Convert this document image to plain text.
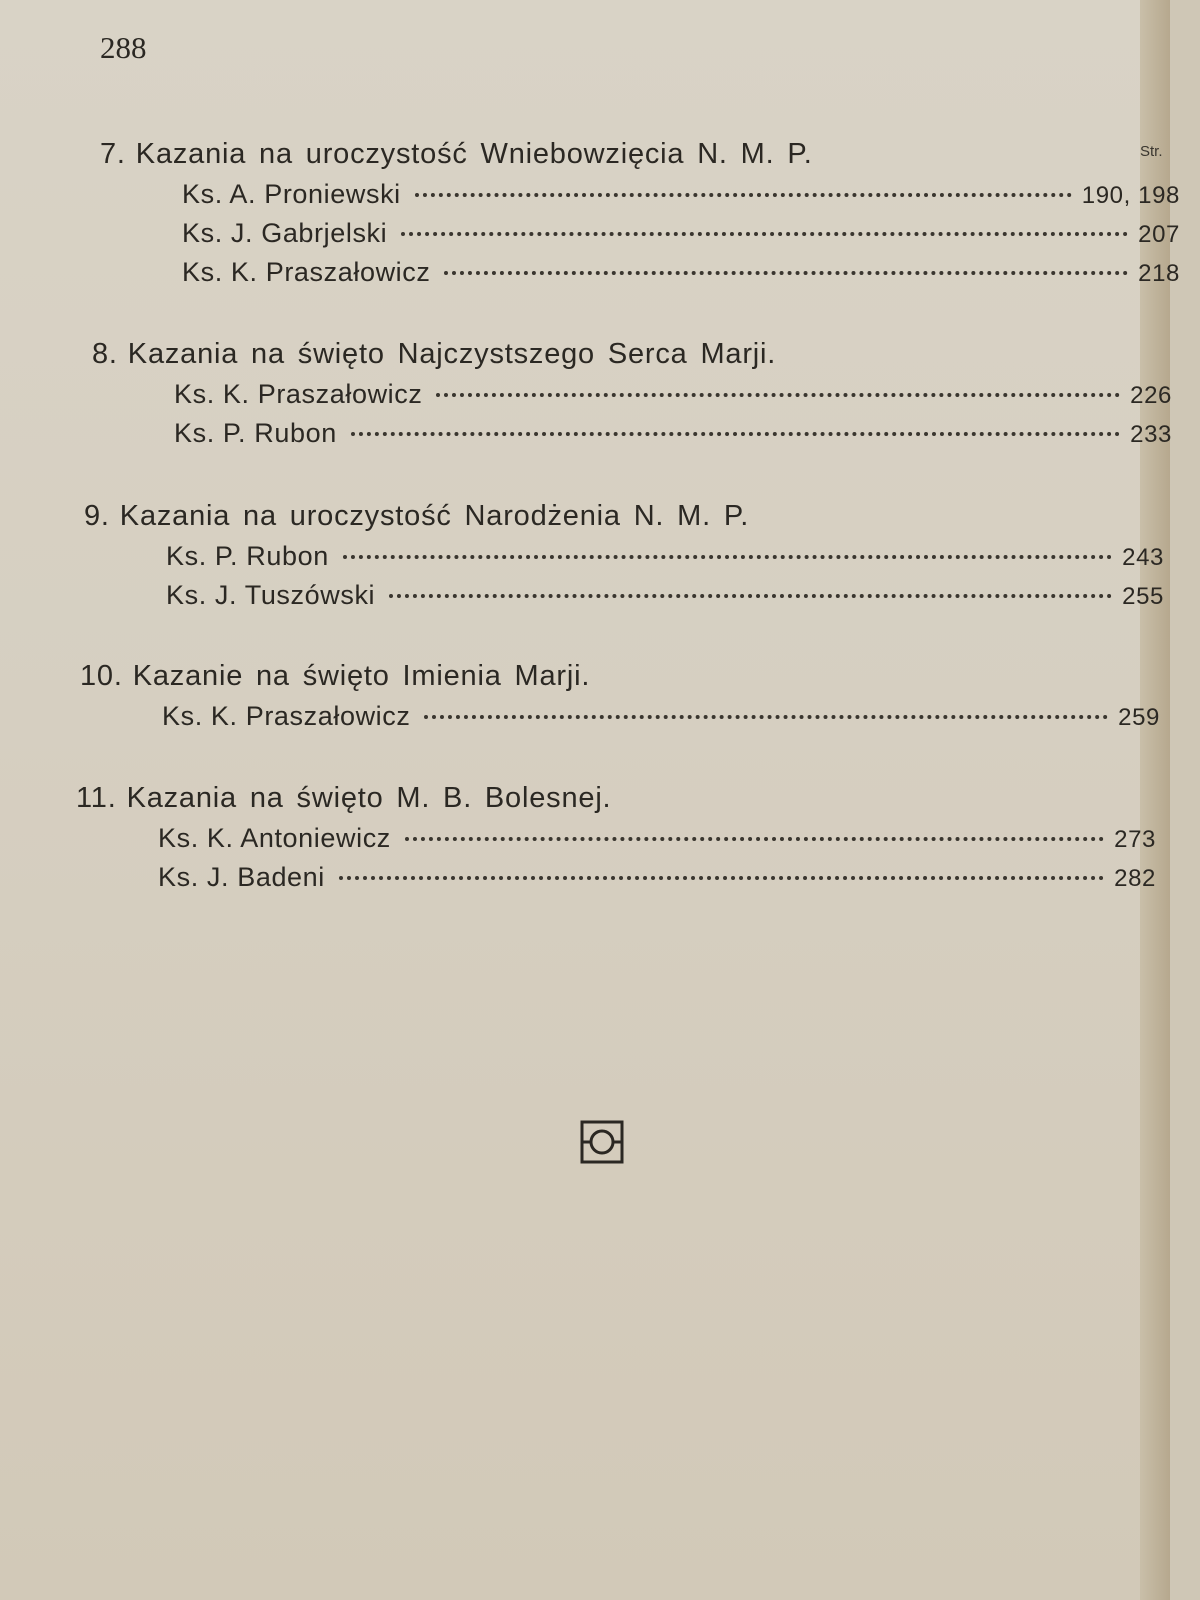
288
Str.
7. Kazania na uroczystość Wniebowzięcia N. M. P.
Ks. A. Proniewski	190, 198
Ks. J. Gabrjelski	207
Ks. K. Praszałowicz	218
8. Kazania na święto Najczystszego Serca Marji.
Ks. K. Praszałowicz	226
Ks. P. Rubon	233
9. Kazania na uroczystość Narodżenia N. M. P.
Ks. P. Rubon	243
Ks. J. Tuszówski	255
10. Kazanie na święto Imienia Marji.
Ks. K. Praszałowicz	259
11. Kazania na święto M. B. Bolesnej.
Ks. K. Antoniewicz	273
Ks. J. Badeni	282
